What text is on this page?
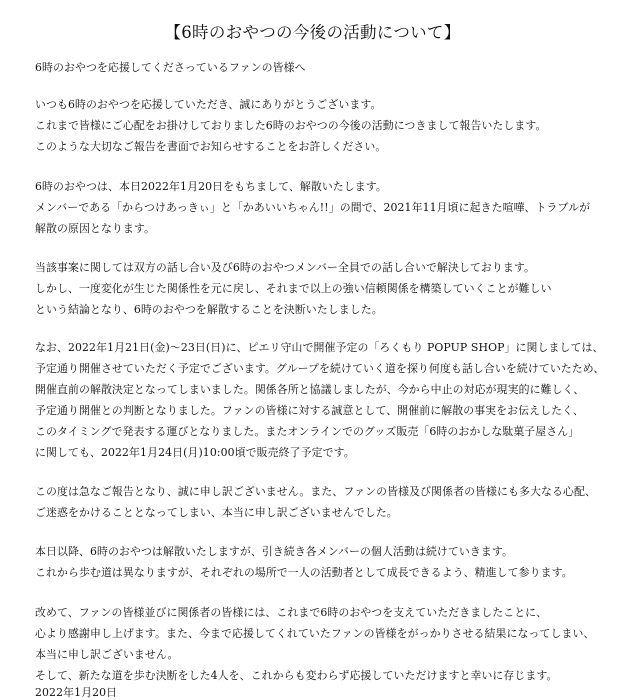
【6時のおやつの今後の活動について】
6時のおやつを応援してくださっているファンの皆様へ
いつも6時のおやつを応援していただき、誠にありがとうございます。
これまで皆様にご心配をお掛けしておりました6時のおやつの今後の活動につきまして報告いたします。
このような大切なご報告を書面でお知らせすることをお許しください。
6時のおやつは、本日2022年1月20日をもちまして、解散いたします。
メンバーである「からつけあっきぃ」と「かあいいちゃん!!」の間で、2021年11月頃に起きた喧嘩、トラブルが
解散の原因となります。
当該事案に関しては双方の話し合い及び6時のおやつメンバー全員での話し合いで解決しております。
しかし、一度変化が生じた関係性を元に戻し、それまで以上の強い信頼関係を構築していくことが難しい
という結論となり、6時のおやつを解散することを決断いたしました。
なお、2022年1月21日(金)〜23日(日)に、ピエリ守山で開催予定の「ろくもり POPUP SHOP」に関しましては、
予定通り開催させていただく予定でございます。グループを続けていく道を探り何度も話し合いを続けていたため、
開催直前の解散決定となってしまいました。関係各所と協議しましたが、今から中止の対応が現実的に難しく、
予定通り開催との判断となりました。ファンの皆様に対する誠意として、開催前に解散の事実をお伝えしたく、
このタイミングで発表する運びとなりました。またオンラインでのグッズ販売「6時のおかしな駄菓子屋さん」
に関しても、2022年1月24日(月)10:00頃で販売終了予定です。
この度は急なご報告となり、誠に申し訳ございません。また、ファンの皆様及び関係者の皆様にも多大なる心配、
ご迷惑をかけることとなってしまい、本当に申し訳ございませんでした。
本日以降、6時のおやつは解散いたしますが、引き続き各メンバーの個人活動は続けていきます。
これから歩む道は異なりますが、それぞれの場所で一人の活動者として成長できるよう、精進して参ります。
改めて、ファンの皆様並びに関係者の皆様には、これまで6時のおやつを支えていただきましたことに、
心より感謝申し上げます。また、今まで応援してくれていたファンの皆様をがっかりさせる結果になってしまい、
本当に申し訳ございません。
そして、新たな道を歩む決断をした4人を、これからも変わらず応援していただけますと幸いに存じます。
2022年1月20日
